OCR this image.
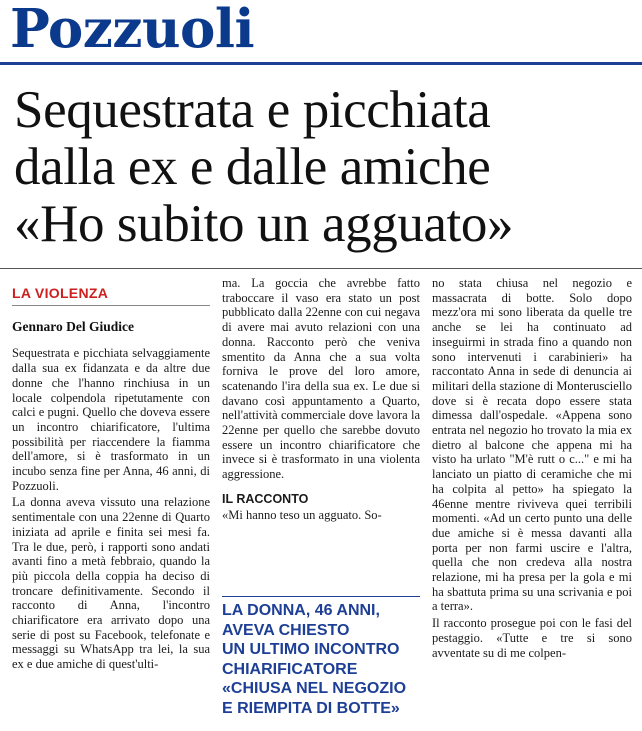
Pozzuoli
Sequestrata e picchiata
dalla ex e dalle amiche
«Ho subito un agguato»
LA VIOLENZA
Gennaro Del Giudice

Sequestrata e picchiata selvaggiamente dalla sua ex fidanzata e da altre due donne che l'hanno rinchiusa in un locale colpendola ripetutamente con calci e pugni. Quello che doveva essere un incontro chiarificatore, l'ultima possibilità per riaccendere la fiamma dell'amore, si è trasformato in un incubo senza fine per Anna, 46 anni, di Pozzuoli.

La donna aveva vissuto una relazione sentimentale con una 22enne di Quarto iniziata ad aprile e finita sei mesi fa. Tra le due, però, i rapporti sono andati avanti fino a metà febbraio, quando la più piccola della coppia ha deciso di troncare definitivamente. Secondo il racconto di Anna, l'incontro chiarificatore era arrivato dopo una serie di post su Facebook, telefonate e messaggi su WhatsApp tra lei, la sua ex e due amiche di quest'ulti-

ma. La goccia che avrebbe fatto traboccare il vaso era stato un post pubblicato dalla 22enne con cui negava di avere mai avuto relazioni con una donna. Racconto però che veniva smentito da Anna che a sua volta forniva le prove del loro amore, scatenando l'ira della sua ex. Le due si davano così appuntamento a Quarto, nell'attività commerciale dove lavora la 22enne per quello che sarebbe dovuto essere un incontro chiarificatore che invece si è trasformato in una violenta aggressione.

IL RACCONTO

«Mi hanno teso un agguato. So-

LA DONNA, 46 ANNI,
AVEVA CHIESTO
UN ULTIMO INCONTRO
CHIARIFICATORE
«CHIUSA NEL NEGOZIO
E RIEMPITA DI BOTTE»

no stata chiusa nel negozio e massacrata di botte. Solo dopo mezz'ora mi sono liberata da quelle tre anche se lei ha continuato ad inseguirmi in strada fino a quando non sono intervenuti i carabinieri» ha raccontato Anna in sede di denuncia ai militari della stazione di Monterusciello dove si è recata dopo essere stata dimessa dall'ospedale. «Appena sono entrata nel negozio ho trovato la mia ex dietro al balcone che appena mi ha visto ha urlato "M'è rutt o c..." e mi ha lanciato un piatto di ceramiche che mi ha colpita al petto» ha spiegato la 46enne mentre riviveva quei terribili momenti. «Ad un certo punto una delle due amiche si è messa davanti alla porta per non farmi uscire e l'altra, quella che non credeva alla nostra relazione, mi ha presa per la gola e mi ha sbattuta prima su una scrivania e poi a terra».

Il racconto prosegue poi con le fasi del pestaggio. «Tutte e tre si sono avventate su di me colpen-
